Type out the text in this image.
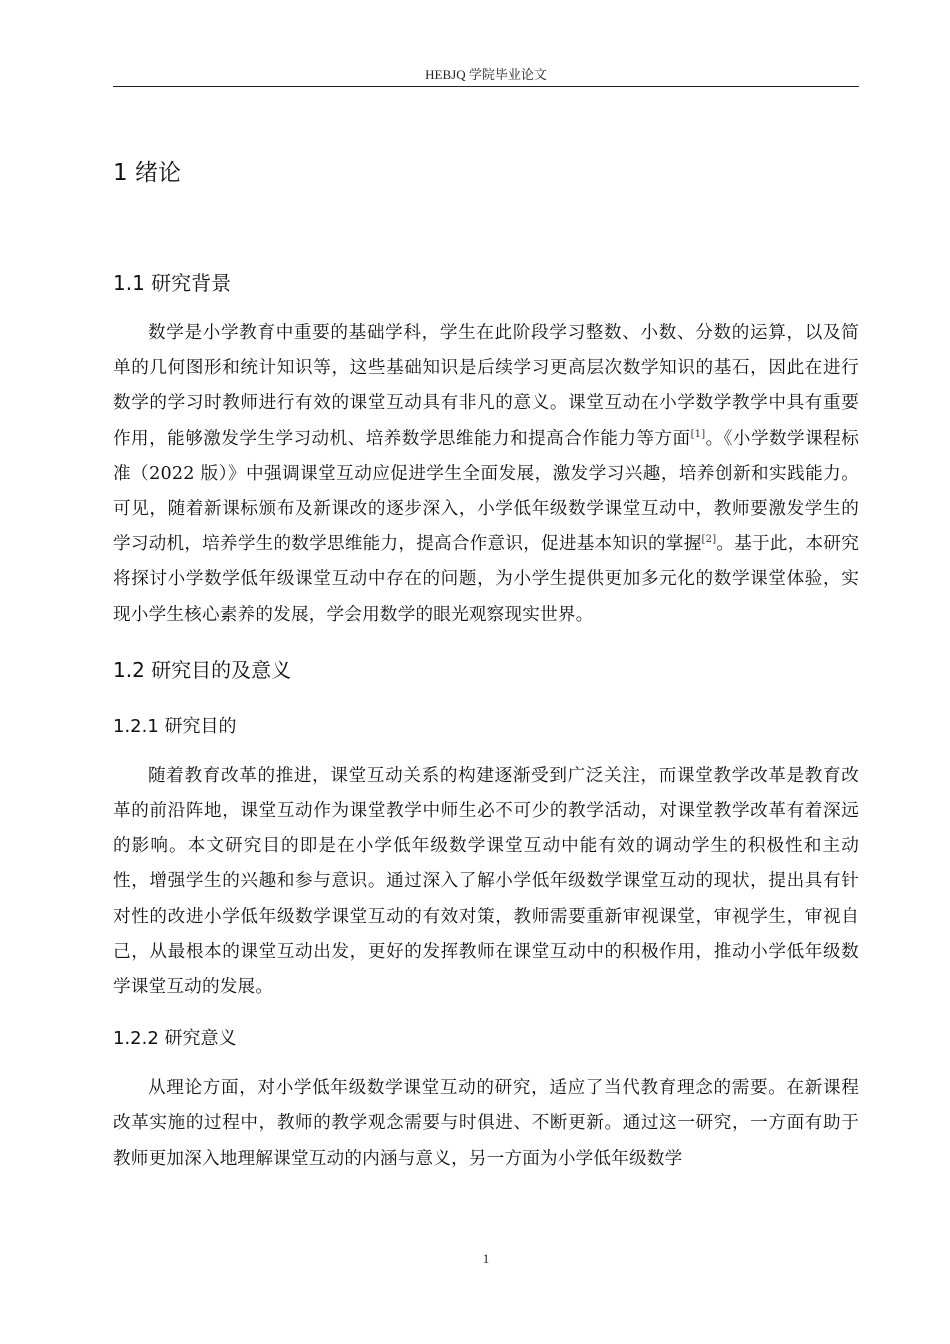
HEBJQ 学院毕业论文
1 绪论
1.1 研究背景

数学是小学教育中重要的基础学科，学生在此阶段学习整数、小数、分数的运算，以及简单的几何图形和统计知识等，这些基础知识是后续学习更高层次数学知识的基石，因此在进行数学的学习时教师进行有效的课堂互动具有非凡的意义。课堂互动在小学数学教学中具有重要作用，能够激发学生学习动机、培养数学思维能力和提高合作能力等方面[1]。《小学数学课程标准（2022 版）》中强调课堂互动应促进学生全面发展，激发学习兴趣，培养创新和实践能力。可见，随着新课标颁布及新课改的逐步深入，小学低年级数学课堂互动中，教师要激发学生的学习动机，培养学生的数学思维能力，提高合作意识，促进基本知识的掌握[2]。基于此，本研究将探讨小学数学低年级课堂互动中存在的问题，为小学生提供更加多元化的数学课堂体验，实现小学生核心素养的发展，学会用数学的眼光观察现实世界。

1.2 研究目的及意义
1.2.1 研究目的

随着教育改革的推进，课堂互动关系的构建逐渐受到广泛关注，而课堂教学改革是教育改革的前沿阵地，课堂互动作为课堂教学中师生必不可少的教学活动，对课堂教学改革有着深远的影响。本文研究目的即是在小学低年级数学课堂互动中能有效的调动学生的积极性和主动性，增强学生的兴趣和参与意识。通过深入了解小学低年级数学课堂互动的现状，提出具有针对性的改进小学低年级数学课堂互动的有效对策，教师需要重新审视课堂，审视学生，审视自己，从最根本的课堂互动出发，更好的发挥教师在课堂互动中的积极作用，推动小学低年级数学课堂互动的发展。

1.2.2 研究意义

从理论方面，对小学低年级数学课堂互动的研究，适应了当代教育理念的需要。在新课程改革实施的过程中，教师的教学观念需要与时俱进、不断更新。通过这一研究，一方面有助于教师更加深入地理解课堂互动的内涵与意义，另一方面为小学低年级数学

1
